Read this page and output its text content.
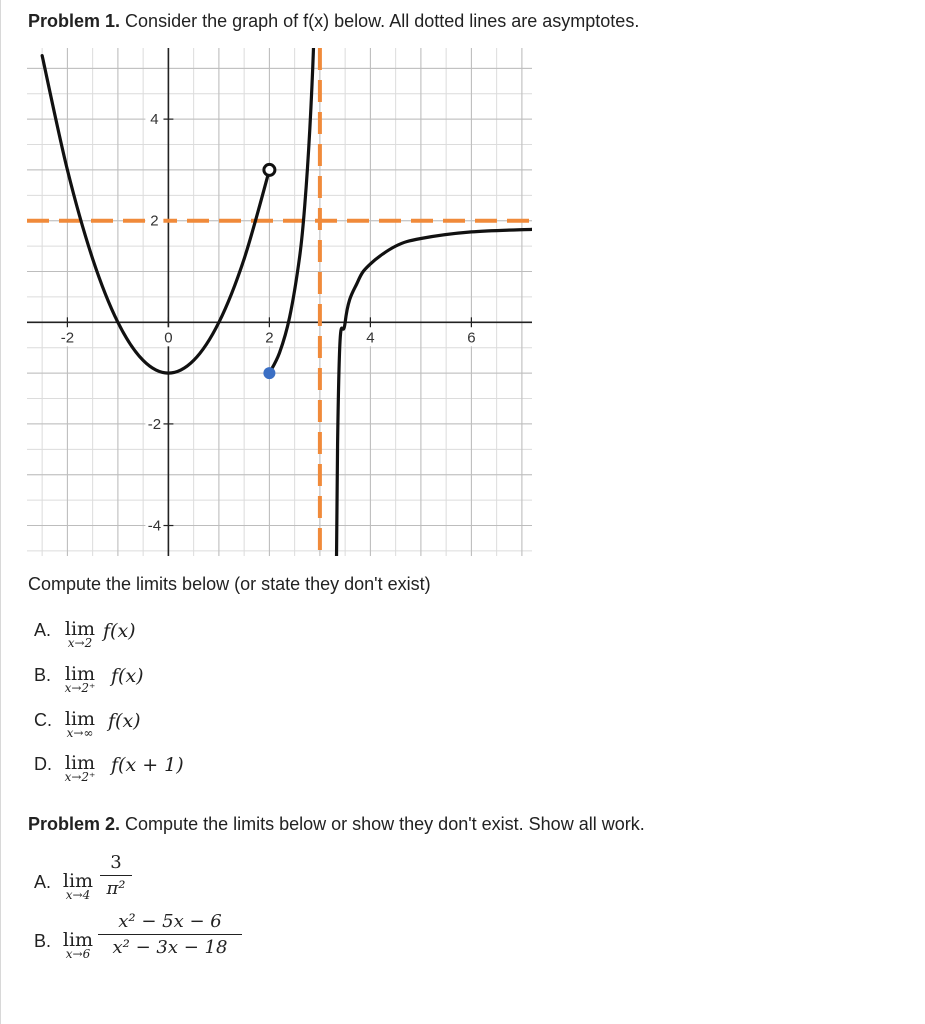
Problem 1. Consider the graph of f(x) below. All dotted lines are asymptotes.
-2	0	2	4	6
4
2
-2
-4
Compute the limits below (or state they don't exist)
A. lim
x→2
f(x)
B. lim
x→2⁺
f(x)
C. lim
x→∞
f(x)
D. lim
x→2⁺
f(x + 1)
Problem 2. Compute the limits below or show they don't exist. Show all work.
A. lim
x→4
3
π²
B. lim
x→6
x² − 5x − 6
x² − 3x − 18
